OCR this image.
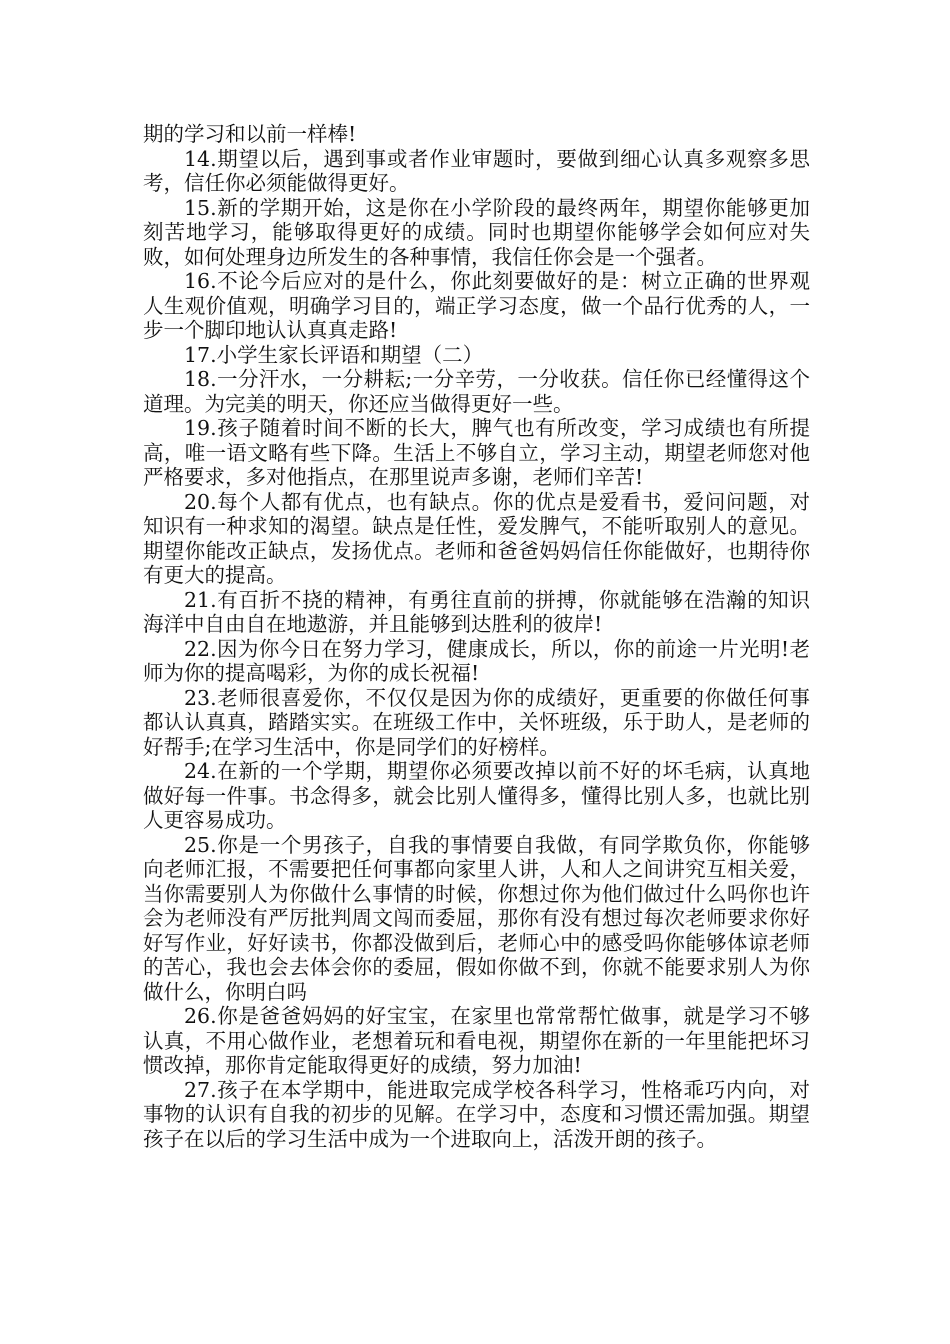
期的学习和以前一样棒!

14.期望以后，遇到事或者作业审题时，要做到细心认真多观察多思考，信任你必须能做得更好。

15.新的学期开始，这是你在小学阶段的最终两年，期望你能够更加刻苦地学习，能够取得更好的成绩。同时也期望你能够学会如何应对失败，如何处理身边所发生的各种事情，我信任你会是一个强者。

16.不论今后应对的是什么，你此刻要做好的是：树立正确的世界观人生观价值观，明确学习目的，端正学习态度，做一个品行优秀的人，一步一个脚印地认认真真走路!

17.小学生家长评语和期望（二）

18.一分汗水，一分耕耘;一分辛劳，一分收获。信任你已经懂得这个道理。为完美的明天，你还应当做得更好一些。

19.孩子随着时间不断的长大，脾气也有所改变，学习成绩也有所提高，唯一语文略有些下降。生活上不够自立，学习主动，期望老师您对他严格要求，多对他指点，在那里说声多谢，老师们辛苦!

20.每个人都有优点，也有缺点。你的优点是爱看书，爱问问题，对知识有一种求知的渴望。缺点是任性，爱发脾气，不能听取别人的意见。期望你能改正缺点，发扬优点。老师和爸爸妈妈信任你能做好，也期待你有更大的提高。

21.有百折不挠的精神，有勇往直前的拼搏，你就能够在浩瀚的知识海洋中自由自在地遨游，并且能够到达胜利的彼岸!

22.因为你今日在努力学习，健康成长，所以，你的前途一片光明!老师为你的提高喝彩，为你的成长祝福!

23.老师很喜爱你，不仅仅是因为你的成绩好，更重要的你做任何事都认认真真，踏踏实实。在班级工作中，关怀班级，乐于助人，是老师的好帮手;在学习生活中，你是同学们的好榜样。

24.在新的一个学期，期望你必须要改掉以前不好的坏毛病，认真地做好每一件事。书念得多，就会比别人懂得多，懂得比别人多，也就比别人更容易成功。

25.你是一个男孩子，自我的事情要自我做，有同学欺负你，你能够向老师汇报，不需要把任何事都向家里人讲，人和人之间讲究互相关爱，当你需要别人为你做什么事情的时候，你想过你为他们做过什么吗你也许会为老师没有严厉批判周文闯而委屈，那你有没有想过每次老师要求你好好写作业，好好读书，你都没做到后，老师心中的感受吗你能够体谅老师的苦心，我也会去体会你的委屈，假如你做不到，你就不能要求别人为你做什么，你明白吗

26.你是爸爸妈妈的好宝宝，在家里也常常帮忙做事，就是学习不够认真，不用心做作业，老想着玩和看电视，期望你在新的一年里能把坏习惯改掉，那你肯定能取得更好的成绩，努力加油!

27.孩子在本学期中，能进取完成学校各科学习，性格乖巧内向，对事物的认识有自我的初步的见解。在学习中，态度和习惯还需加强。期望孩子在以后的学习生活中成为一个进取向上，活泼开朗的孩子。
